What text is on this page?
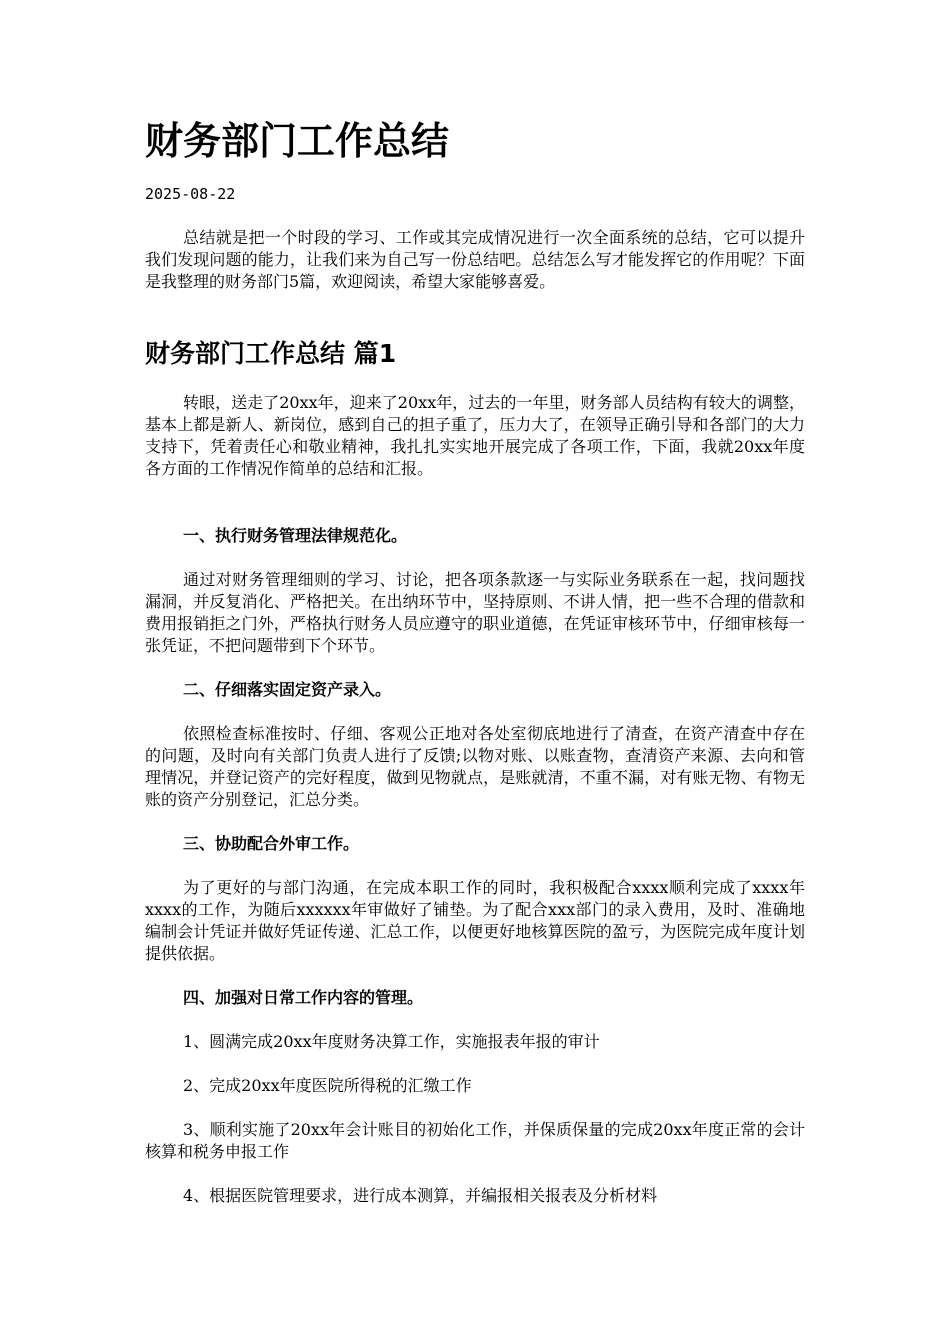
财务部门工作总结
2025-08-22

总结就是把一个时段的学习、工作或其完成情况进行一次全面系统的总结，它可以提升我们发现问题的能力，让我们来为自己写一份总结吧。总结怎么写才能发挥它的作用呢？下面是我整理的财务部门5篇，欢迎阅读，希望大家能够喜爱。

财务部门工作总结 篇1

转眼，送走了20xx年，迎来了20xx年，过去的一年里，财务部人员结构有较大的调整，基本上都是新人、新岗位，感到自己的担子重了，压力大了，在领导正确引导和各部门的大力支持下，凭着责任心和敬业精神，我扎扎实实地开展完成了各项工作，下面，我就20xx年度各方面的工作情况作简单的总结和汇报。

一、执行财务管理法律规范化。

通过对财务管理细则的学习、讨论，把各项条款逐一与实际业务联系在一起，找问题找漏洞，并反复消化、严格把关。在出纳环节中，坚持原则、不讲人情，把一些不合理的借款和费用报销拒之门外，严格执行财务人员应遵守的职业道德，在凭证审核环节中，仔细审核每一张凭证，不把问题带到下个环节。

二、仔细落实固定资产录入。

依照检查标准按时、仔细、客观公正地对各处室彻底地进行了清查，在资产清查中存在的问题，及时向有关部门负责人进行了反馈;以物对账、以账查物，查清资产来源、去向和管理情况，并登记资产的完好程度，做到见物就点，是账就清，不重不漏，对有账无物、有物无账的资产分别登记，汇总分类。

三、协助配合外审工作。

为了更好的与部门沟通，在完成本职工作的同时，我积极配合xxxx顺利完成了xxxx年xxxx的工作，为随后xxxxxx年审做好了铺垫。为了配合xxx部门的录入费用，及时、准确地编制会计凭证并做好凭证传递、汇总工作，以便更好地核算医院的盈亏，为医院完成年度计划提供依据。

四、加强对日常工作内容的管理。

1、圆满完成20xx年度财务决算工作，实施报表年报的审计

2、完成20xx年度医院所得税的汇缴工作

3、顺利实施了20xx年会计账目的初始化工作，并保质保量的完成20xx年度正常的会计核算和税务申报工作

4、根据医院管理要求，进行成本测算，并编报相关报表及分析材料
